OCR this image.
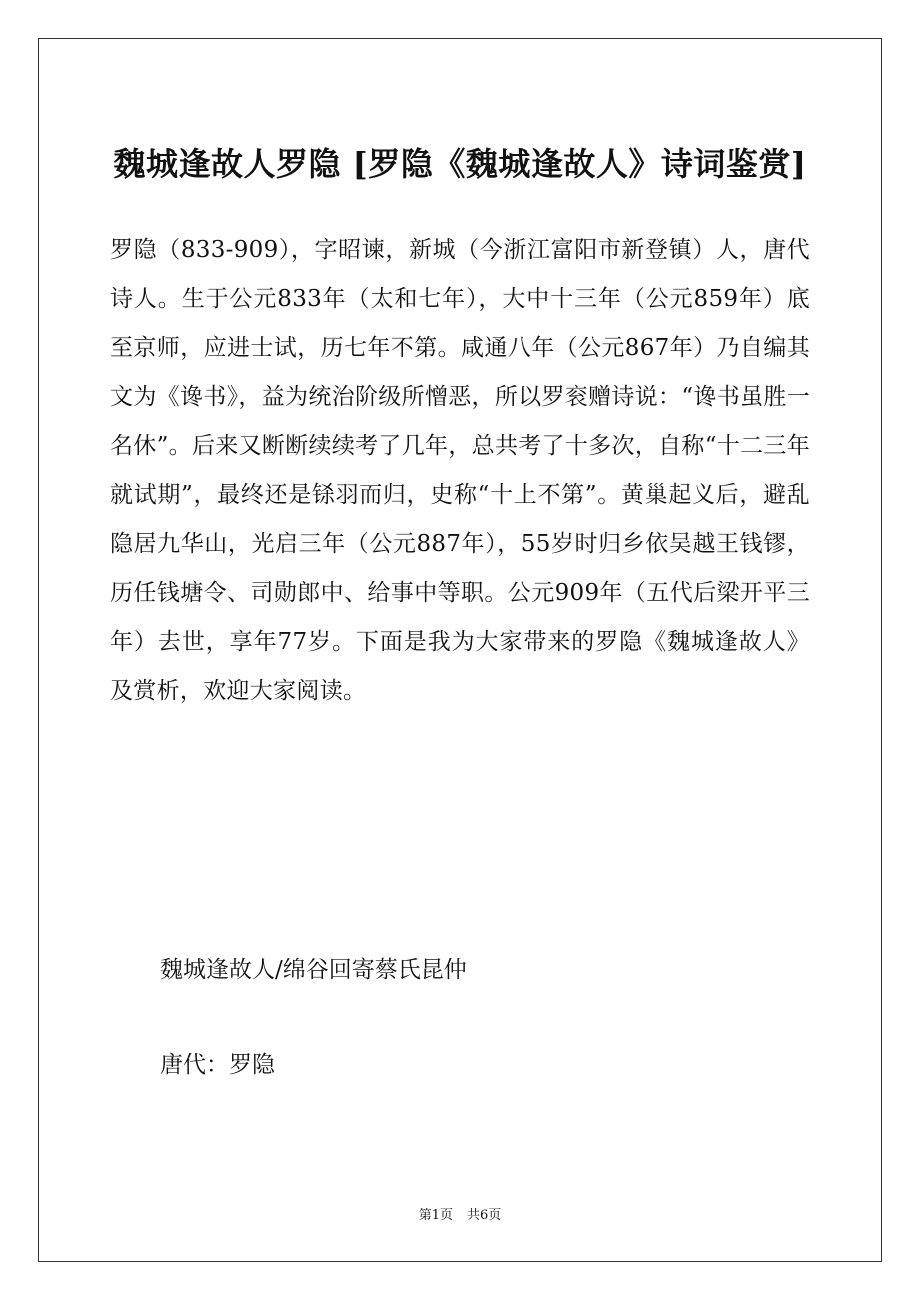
魏城逢故人罗隐 [罗隐《魏城逢故人》诗词鉴赏]

罗隐（833-909），字昭谏，新城（今浙江富阳市新登镇）人，唐代诗人。生于公元833年（太和七年），大中十三年（公元859年）底至京师，应进士试，历七年不第。咸通八年（公元867年）乃自编其文为《谗书》，益为统治阶级所憎恶，所以罗衮赠诗说：“谗书虽胜一名休”。后来又断断续续考了几年，总共考了十多次，自称“十二三年就试期”，最终还是铩羽而归，史称“十上不第”。黄巢起义后，避乱隐居九华山，光启三年（公元887年），55岁时归乡依吴越王钱镠，历任钱塘令、司勋郎中、给事中等职。公元909年（五代后梁开平三年）去世，享年77岁。下面是我为大家带来的罗隐《魏城逢故人》及赏析，欢迎大家阅读。

魏城逢故人/绵谷回寄蔡氏昆仲

唐代：罗隐

第1页 共6页
